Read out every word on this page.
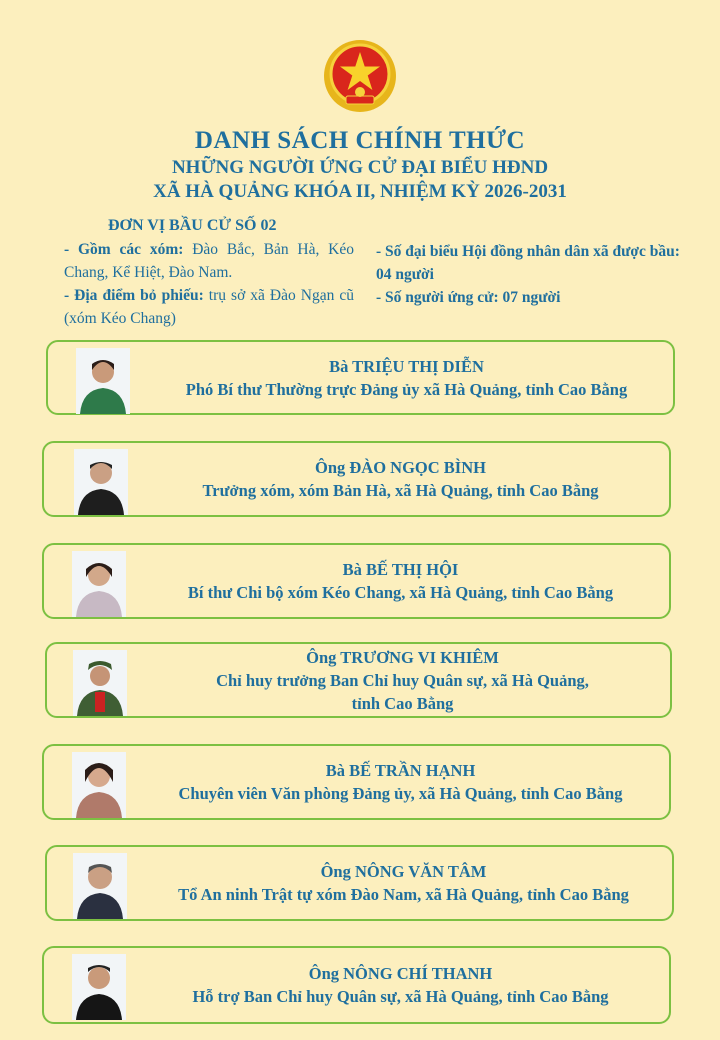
DANH SÁCH CHÍNH THỨC
NHỮNG NGƯỜI ỨNG CỬ ĐẠI BIỂU HĐND
XÃ HÀ QUẢNG KHÓA II, NHIỆM KỲ 2026-2031
ĐƠN VỊ BẦU CỬ SỐ 02
- Gồm các xóm: Đào Bắc, Bản Hà, Kéo Chang, Kể Hiệt, Đào Nam.
- Địa điểm bỏ phiếu: trụ sở xã Đào Ngạn cũ (xóm Kéo Chang)
- Số đại biểu Hội đồng nhân dân xã được bầu: 04 người
- Số người ứng cử: 07 người
Bà TRIỆU THỊ DIỄN
Phó Bí thư Thường trực Đảng ủy xã Hà Quảng, tỉnh Cao Bằng
Ông ĐÀO NGỌC BÌNH
Trưởng xóm, xóm Bản Hà, xã Hà Quảng, tỉnh Cao Bằng
Bà BẾ THỊ HỘI
Bí thư Chi bộ xóm Kéo Chang, xã Hà Quảng, tỉnh Cao Bằng
Ông TRƯƠNG VI KHIÊM
Chỉ huy trưởng Ban Chỉ huy Quân sự, xã Hà Quảng,
tỉnh Cao Bằng
Bà BẾ TRẦN HẠNH
Chuyên viên Văn phòng Đảng ủy, xã Hà Quảng, tỉnh Cao Bằng
Ông NÔNG VĂN TÂM
Tổ An ninh Trật tự xóm Đào Nam, xã Hà Quảng, tỉnh Cao Bằng
Ông NÔNG CHÍ THANH
Hỗ trợ Ban Chỉ huy Quân sự, xã Hà Quảng, tỉnh Cao Bằng
